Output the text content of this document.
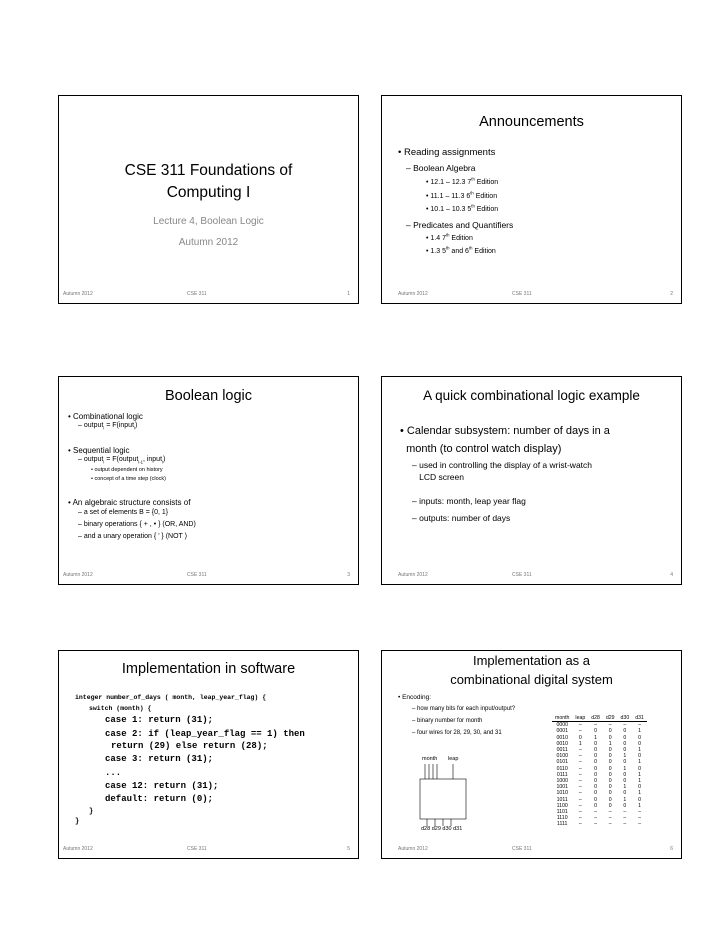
CSE 311 Foundations of
Computing I
Lecture 4, Boolean Logic
Autumn 2012
Autumn 2012	CSE 311	1
Announcements
• Reading assignments
– Boolean Algebra
• 12.1 – 12.3 7th Edition
• 11.1 – 11.3 6th Edition
• 10.1 – 10.3 5th Edition
– Predicates and Quantifiers
• 1.4 7th Edition
• 1.3 5th and 6th Edition
Autumn 2012	CSE 311	2
Boolean logic
• Combinational logic
– output$_i$ = F(input$_i$)
• Sequential logic
– output$_i$ = F(output$_{i-1}$, input$_i$)
• output dependent on history
• concept of a time step (clock)
• An algebraic structure consists of
– a set of elements B = {0, 1}
– binary operations { + , • } (OR, AND)
– and a unary operation { ’ } (NOT )
Autumn 2012	CSE 311	3
A quick combinational logic example
• Calendar subsystem: number of days in a
month (to control watch display)
– used in controlling the display of a wrist-watch
LCD screen
– inputs: month, leap year flag
– outputs: number of days
Autumn 2012	CSE 311	4
Implementation in software
integer number_of_days ( month, leap_year_flag) {
switch (month) {
case 1: return (31);
case 2: if (leap_year_flag == 1) then
return (29) else return (28);
case 3: return (31);
...
case 12: return (31);
default: return (0);
}
}
Autumn 2012	CSE 311	5
Implementation as a
combinational digital system
• Encoding:
– how many bits for each input/output?
– binary number for month
– four wires for 28, 29, 30, and 31
month leap
d28 d29 d30 d31
month	leap	d28	d29	d30	d31
0000	–	–	–	–	–
0001	–	0	0	0	1
0010	0	1	0	0	0
0010	1	0	1	0	0
0011	–	0	0	0	1
0100	–	0	0	1	0
0101	–	0	0	0	1
0110	–	0	0	1	0
0111	–	0	0	0	1
1000	–	0	0	0	1
1001	–	0	0	1	0
1010	–	0	0	0	1
1011	–	0	0	1	0
1100	–	0	0	0	1
1101	–	–	–	–	–
1110	–	–	–	–	–
1111	–	–	–	–	–
Autumn 2012	CSE 311	6
